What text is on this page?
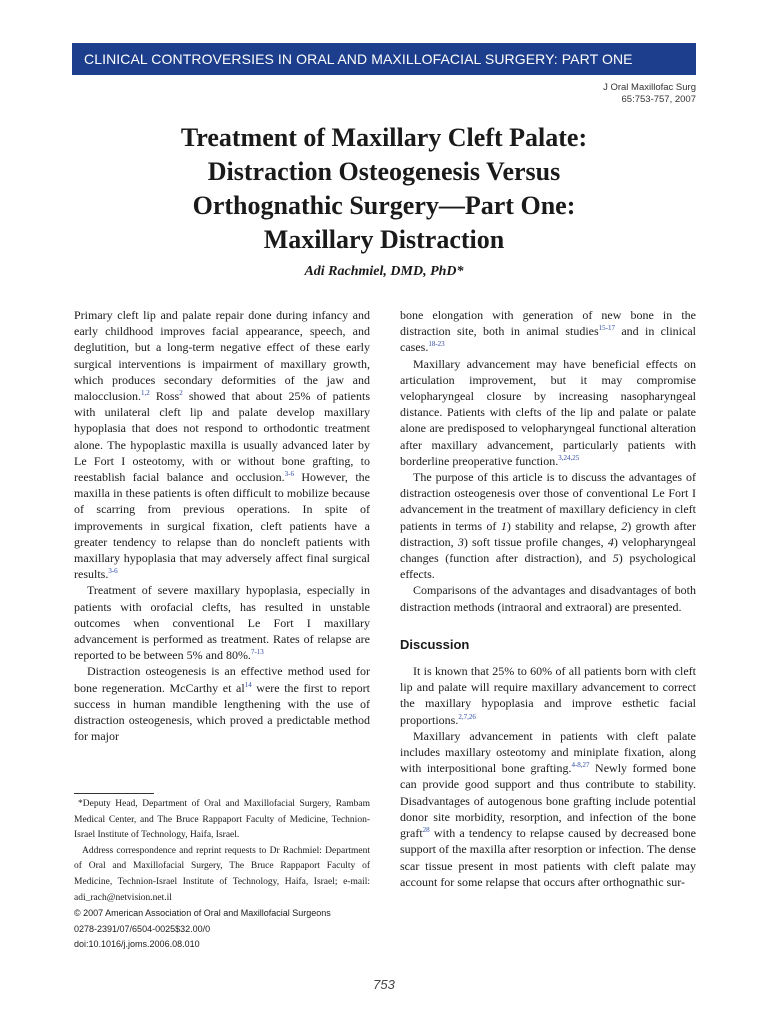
CLINICAL CONTROVERSIES IN ORAL AND MAXILLOFACIAL SURGERY: PART ONE
J Oral Maxillofac Surg
65:753-757, 2007
Treatment of Maxillary Cleft Palate:
Distraction Osteogenesis Versus
Orthognathic Surgery—Part One:
Maxillary Distraction
Adi Rachmiel, DMD, PhD*

Primary cleft lip and palate repair done during infancy and early childhood improves facial appearance, speech, and deglutition, but a long-term negative effect of these early surgical interventions is impairment of maxillary growth, which produces secondary deformities of the jaw and malocclusion.$^{1,2}$ Ross$^2$ showed that about 25% of patients with unilateral cleft lip and palate develop maxillary hypoplasia that does not respond to orthodontic treatment alone. The hypoplastic maxilla is usually advanced later by Le Fort I osteotomy, with or without bone grafting, to reestablish facial balance and occlusion.$^{3-6}$ However, the maxilla in these patients is often difficult to mobilize because of scarring from previous operations. In spite of improvements in surgical fixation, cleft patients have a greater tendency to relapse than do noncleft patients with maxillary hypoplasia that may adversely affect final surgical results.$^{3-6}$

Treatment of severe maxillary hypoplasia, especially in patients with orofacial clefts, has resulted in unstable outcomes when conventional Le Fort I maxillary advancement is performed as treatment. Rates of relapse are reported to be between 5% and 80%.$^{7-13}$

Distraction osteogenesis is an effective method used for bone regeneration. McCarthy et $al^{14}$ were the first to report success in human mandible lengthening with the use of distraction osteogenesis, which proved a predictable method for major

bone elongation with generation of new bone in the distraction site, both in animal studies$^{15-17}$ and in clinical cases.$^{18-23}$

Maxillary advancement may have beneficial effects on articulation improvement, but it may compromise velopharyngeal closure by increasing nasopharyngeal distance. Patients with clefts of the lip and palate or palate alone are predisposed to velopharyngeal functional alteration after maxillary advancement, particularly patients with borderline preoperative function.$^{3,24,25}$

The purpose of this article is to discuss the advantages of distraction osteogenesis over those of conventional Le Fort I advancement in the treatment of maxillary deficiency in cleft patients in terms of 1) stability and relapse, 2) growth after distraction, 3) soft tissue profile changes, 4) velopharyngeal changes (function after distraction), and 5) psychological effects.

Comparisons of the advantages and disadvantages of both distraction methods (intraoral and extraoral) are presented.

Discussion

It is known that 25% to 60% of all patients born with cleft lip and palate will require maxillary advancement to correct the maxillary hypoplasia and improve esthetic facial proportions.$^{2,7,26}$

Maxillary advancement in patients with cleft palate includes maxillary osteotomy and miniplate fixation, along with interpositional bone grafting.$^{4-8,27}$ Newly formed bone can provide good support and thus contribute to stability. Disadvantages of autogenous bone grafting include potential donor site morbidity, resorption, and infection of the bone graft$^{28}$ with a tendency to relapse caused by decreased bone support of the maxilla after resorption or infection. The dense scar tissue present in most patients with cleft palate may account for some relapse that occurs after orthognathic sur-

*Deputy Head, Department of Oral and Maxillofacial Surgery, Rambam Medical Center, and The Bruce Rappaport Faculty of Medicine, Technion-Israel Institute of Technology, Haifa, Israel.

Address correspondence and reprint requests to Dr Rachmiel: Department of Oral and Maxillofacial Surgery, The Bruce Rappaport Faculty of Medicine, Technion-Israel Institute of Technology, Haifa, Israel; e-mail: adi_rach@netvision.net.il

© 2007 American Association of Oral and Maxillofacial Surgeons

0278-2391/07/6504-0025$32.00/0

doi:10.1016/j.joms.2006.08.010

753
